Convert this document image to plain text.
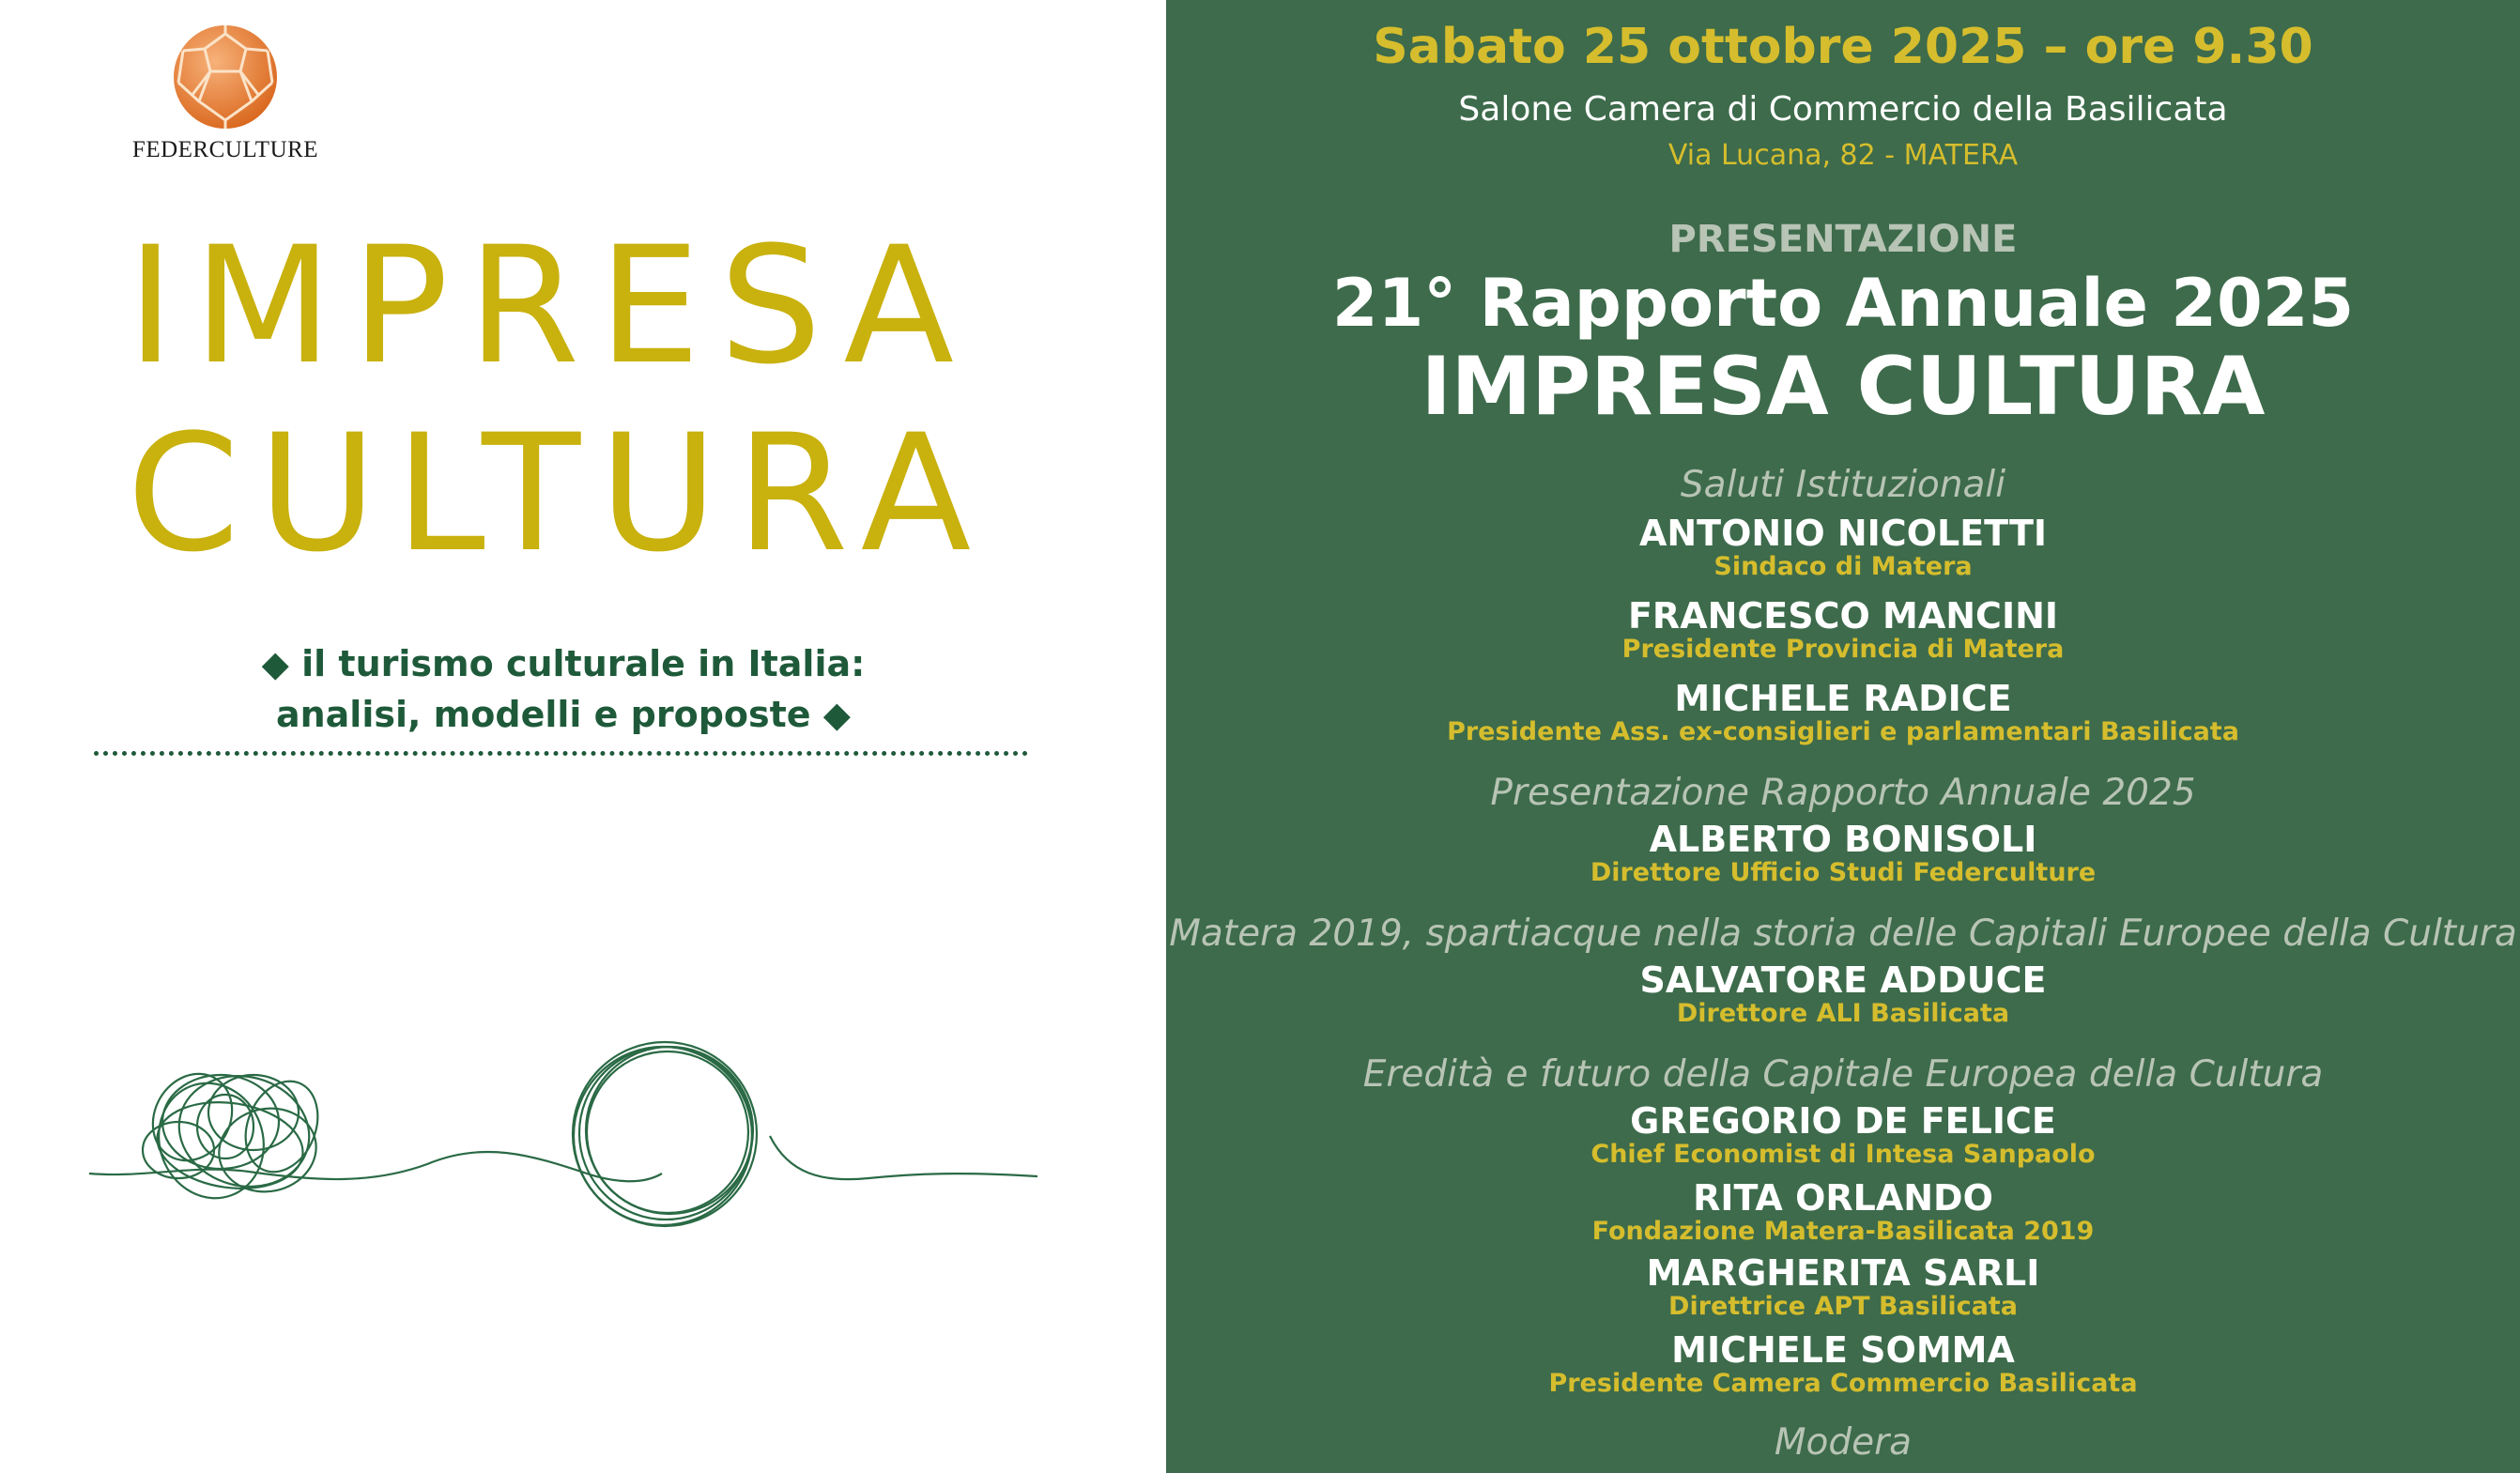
FEDERCULTURE
IMPRESA
CULTURA
◆ il turismo culturale in Italia:
analisi, modelli e proposte ◆
Sabato 25 ottobre 2025 – ore 9.30
Salone Camera di Commercio della Basilicata
Via Lucana, 82 - MATERA
PRESENTAZIONE
21° Rapporto Annuale 2025
IMPRESA CULTURA
Saluti Istituzionali
ANTONIO NICOLETTI
Sindaco di Matera
FRANCESCO MANCINI
Presidente Provincia di Matera
MICHELE RADICE
Presidente Ass. ex-consiglieri e parlamentari Basilicata
Presentazione Rapporto Annuale 2025
ALBERTO BONISOLI
Direttore Ufficio Studi Federculture
Matera 2019, spartiacque nella storia delle Capitali Europee della Cultura
SALVATORE ADDUCE
Direttore ALI Basilicata
Eredità e futuro della Capitale Europea della Cultura
GREGORIO DE FELICE
Chief Economist di Intesa Sanpaolo
RITA ORLANDO
Fondazione Matera-Basilicata 2019
MARGHERITA SARLI
Direttrice APT Basilicata
MICHELE SOMMA
Presidente Camera Commercio Basilicata
Modera
